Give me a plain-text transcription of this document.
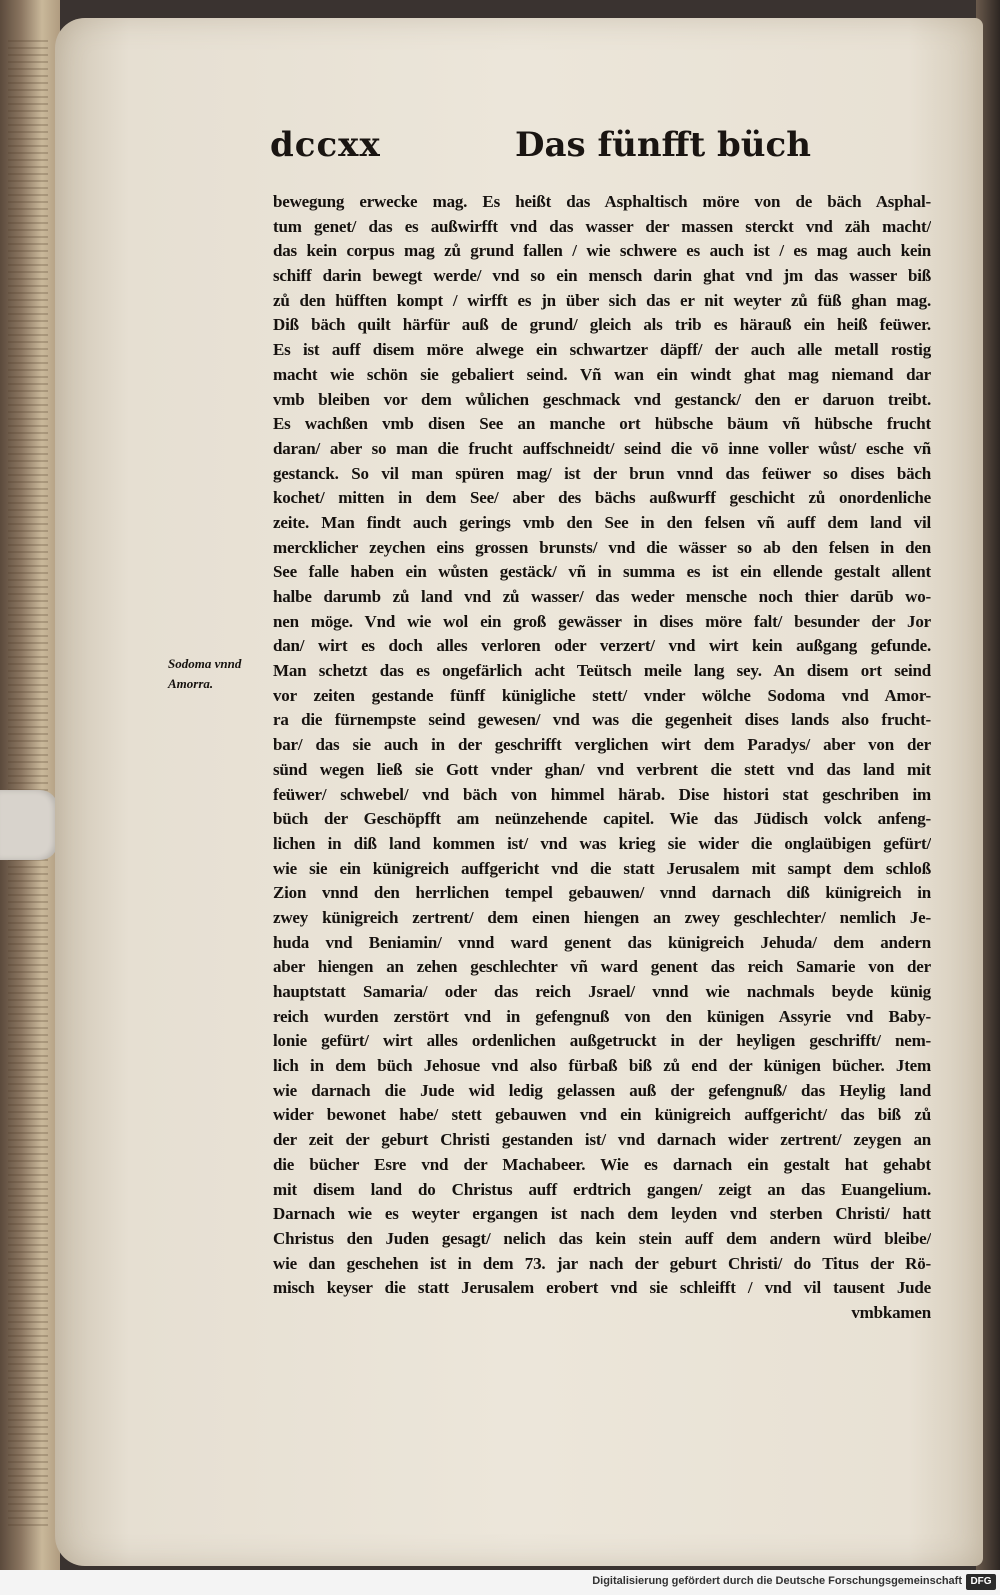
dccxx	Das fünfft büch
Sodoma vnnd
Amorra.
bewegung erwecke mag. Es heißt das Asphaltisch möre von de bäch Asphal-
tum genet/ das es außwirfft vnd das wasser der massen sterckt vnd zäh macht/
das kein corpus mag zů grund fallen / wie schwere es auch ist / es mag auch kein
schiff darin bewegt werde/ vnd so ein mensch darin ghat vnd jm das wasser biß
zů den hüfften kompt / wirfft es jn über sich das er nit weyter zů füß ghan mag.
Diß bäch quilt härfür auß de grund/ gleich als trib es härauß ein heiß feüwer.
Es ist auff disem möre alwege ein schwartzer däpff/ der auch alle metall rostig
macht wie schön sie gebaliert seind. Vñ wan ein windt ghat mag niemand dar
vmb bleiben vor dem wůlichen geschmack vnd gestanck/ den er daruon treibt.
Es wachßen vmb disen See an manche ort hübsche bäum vñ hübsche frucht
daran/ aber so man die frucht auffschneidt/ seind die vō inne voller wůst/ esche vñ
gestanck. So vil man spüren mag/ ist der brun vnnd das feüwer so dises bäch
kochet/ mitten in dem See/ aber des bächs außwurff geschicht zů onordenliche
zeite. Man findt auch gerings vmb den See in den felsen vñ auff dem land vil
mercklicher zeychen eins grossen brunsts/ vnd die wässer so ab den felsen in den
See falle haben ein wůsten gestäck/ vñ in summa es ist ein ellende gestalt allent
halbe darumb zů land vnd zů wasser/ das weder mensche noch thier darūb wo-
nen möge. Vnd wie wol ein groß gewässer in dises möre falt/ besunder der Jor
dan/ wirt es doch alles verloren oder verzert/ vnd wirt kein außgang gefunde.
Man schetzt das es ongefärlich acht Teütsch meile lang sey. An disem ort seind
vor zeiten gestande fünff künigliche stett/ vnder wölche Sodoma vnd Amor-
ra die fürnempste seind gewesen/ vnd was die gegenheit dises lands also frucht-
bar/ das sie auch in der geschrifft verglichen wirt dem Paradys/ aber von der
sünd wegen ließ sie Gott vnder ghan/ vnd verbrent die stett vnd das land mit
feüwer/ schwebel/ vnd bäch von himmel härab. Dise histori stat geschriben im
büch der Geschöpfft am neünzehende capitel. Wie das Jüdisch volck anfeng-
lichen in diß land kommen ist/ vnd was krieg sie wider die onglaübigen gefürt/
wie sie ein künigreich auffgericht vnd die statt Jerusalem mit sampt dem schloß
Zion vnnd den herrlichen tempel gebauwen/ vnnd darnach diß künigreich in
zwey künigreich zertrent/ dem einen hiengen an zwey geschlechter/ nemlich Je-
huda vnd Beniamin/ vnnd ward genent das künigreich Jehuda/ dem andern
aber hiengen an zehen geschlechter vñ ward genent das reich Samarie von der
hauptstatt Samaria/ oder das reich Jsrael/ vnnd wie nachmals beyde künig
reich wurden zerstört vnd in gefengnuß von den künigen Assyrie vnd Baby-
lonie gefürt/ wirt alles ordenlichen außgetruckt in der heyligen geschrifft/ nem-
lich in dem büch Jehosue vnd also fürbaß biß zů end der künigen bücher. Jtem
wie darnach die Jude wid ledig gelassen auß der gefengnuß/ das Heylig land
wider bewonet habe/ stett gebauwen vnd ein künigreich auffgericht/ das biß zů
der zeit der geburt Christi gestanden ist/ vnd darnach wider zertrent/ zeygen an
die bücher Esre vnd der Machabeer. Wie es darnach ein gestalt hat gehabt
mit disem land do Christus auff erdtrich gangen/ zeigt an das Euangelium.
Darnach wie es weyter ergangen ist nach dem leyden vnd sterben Christi/ hatt
Christus den Juden gesagt/ nelich das kein stein auff dem andern würd bleibe/
wie dan geschehen ist in dem 73. jar nach der geburt Christi/ do Titus der Rö-
misch keyser die statt Jerusalem erobert vnd sie schleifft / vnd vil tausent Jude
vmbkamen
Digitalisierung gefördert durch die Deutsche Forschungsgemeinschaft DFG
